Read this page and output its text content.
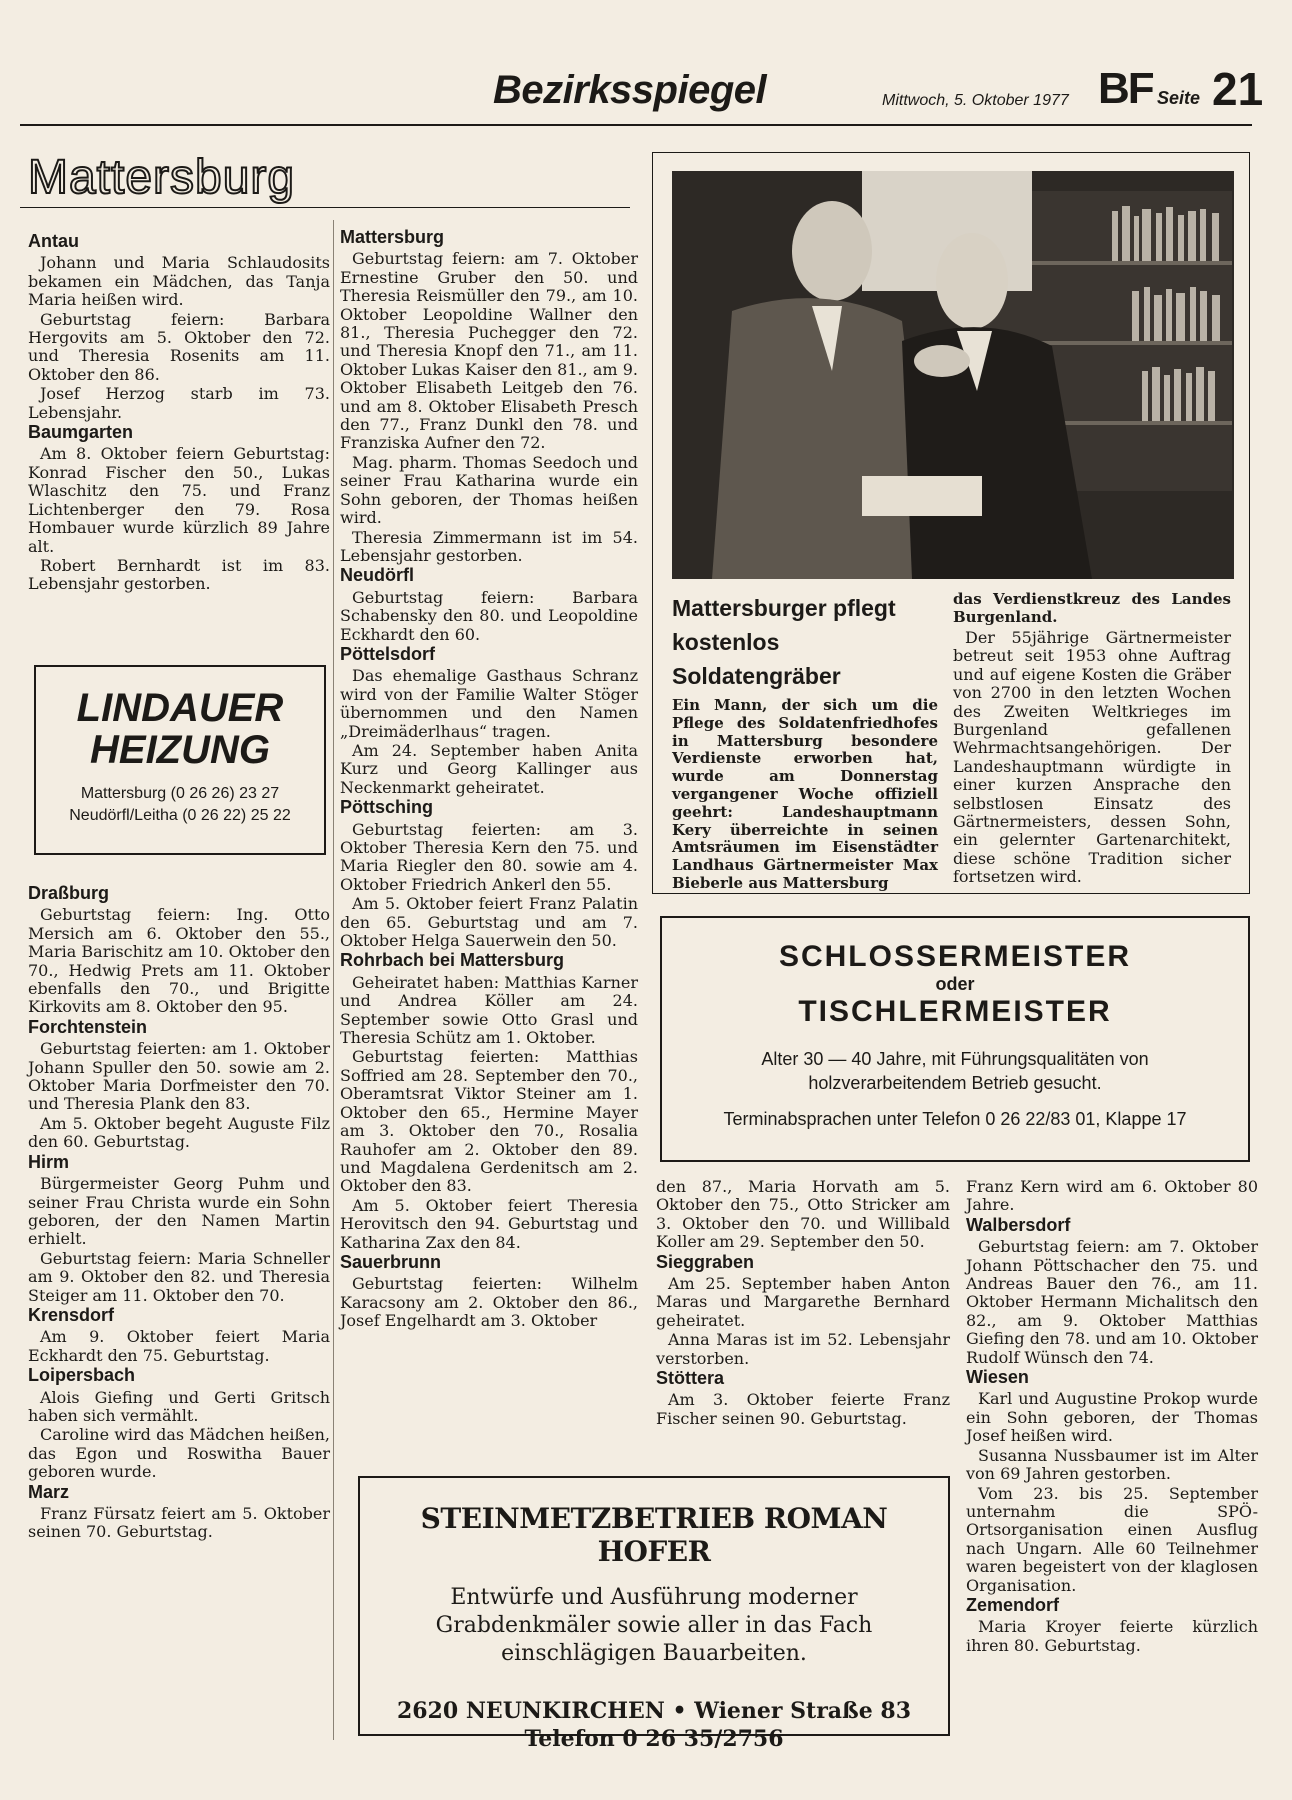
Bezirksspiegel	Mittwoch, 5. Oktober 1977 BF Seite 21
Mattersburg
Antau

Johann und Maria Schlaudosits bekamen ein Mädchen, das Tanja Maria heißen wird.

Geburtstag feiern: Barbara Hergovits am 5. Oktober den 72. und Theresia Rosenits am 11. Oktober den 86.

Josef Herzog starb im 73. Lebensjahr.

Baumgarten

Am 8. Oktober feiern Geburtstag: Konrad Fischer den 50., Lukas Wlaschitz den 75. und Franz Lichtenberger den 79. Rosa Hombauer wurde kürzlich 89 Jahre alt.

Robert Bernhardt ist im 83. Lebensjahr gestorben.

LINDAUER
HEIZUNG
Mattersburg (0 26 26) 23 27
Neudörfl/Leitha (0 26 22) 25 22
Draßburg

Geburtstag feiern: Ing. Otto Mersich am 6. Oktober den 55., Maria Barischitz am 10. Oktober den 70., Hedwig Prets am 11. Oktober ebenfalls den 70., und Brigitte Kirkovits am 8. Oktober den 95.

Forchtenstein

Geburtstag feierten: am 1. Oktober Johann Spuller den 50. sowie am 2. Oktober Maria Dorfmeister den 70. und Theresia Plank den 83.

Am 5. Oktober begeht Auguste Filz den 60. Geburtstag.

Hirm

Bürgermeister Georg Puhm und seiner Frau Christa wurde ein Sohn geboren, der den Namen Martin erhielt.

Geburtstag feiern: Maria Schneller am 9. Oktober den 82. und Theresia Steiger am 11. Oktober den 70.

Krensdorf

Am 9. Oktober feiert Maria Eckhardt den 75. Geburtstag.

Loipersbach

Alois Giefing und Gerti Gritsch haben sich vermählt.

Caroline wird das Mädchen heißen, das Egon und Roswitha Bauer geboren wurde.

Marz

Franz Fürsatz feiert am 5. Oktober seinen 70. Geburtstag.

Mattersburg

Geburtstag feiern: am 7. Oktober Ernestine Gruber den 50. und Theresia Reismüller den 79., am 10. Oktober Leopoldine Wallner den 81., Theresia Puchegger den 72. und Theresia Knopf den 71., am 11. Oktober Lukas Kaiser den 81., am 9. Oktober Elisabeth Leitgeb den 76. und am 8. Oktober Elisabeth Presch den 77., Franz Dunkl den 78. und Franziska Aufner den 72.

Mag. pharm. Thomas Seedoch und seiner Frau Katharina wurde ein Sohn geboren, der Thomas heißen wird.

Theresia Zimmermann ist im 54. Lebensjahr gestorben.

Neudörfl

Geburtstag feiern: Barbara Schabensky den 80. und Leopoldine Eckhardt den 60.

Pöttelsdorf

Das ehemalige Gasthaus Schranz wird von der Familie Walter Stöger übernommen und den Namen „Dreimäderlhaus“ tragen.

Am 24. September haben Anita Kurz und Georg Kallinger aus Neckenmarkt geheiratet.

Pöttsching

Geburtstag feierten: am 3. Oktober Theresia Kern den 75. und Maria Riegler den 80. sowie am 4. Oktober Friedrich Ankerl den 55.

Am 5. Oktober feiert Franz Palatin den 65. Geburtstag und am 7. Oktober Helga Sauerwein den 50.

Rohrbach bei Mattersburg

Geheiratet haben: Matthias Karner und Andrea Köller am 24. September sowie Otto Grasl und Theresia Schütz am 1. Oktober.

Geburtstag feierten: Matthias Soffried am 28. September den 70., Oberamtsrat Viktor Steiner am 1. Oktober den 65., Hermine Mayer am 3. Oktober den 70., Rosalia Rauhofer am 2. Oktober den 89. und Magdalena Gerdenitsch am 2. Oktober den 83.

Am 5. Oktober feiert Theresia Herovitsch den 94. Geburtstag und Katharina Zax den 84.

Sauerbrunn

Geburtstag feierten: Wilhelm Karacsony am 2. Oktober den 86., Josef Engelhardt am 3. Oktober

Mattersburger pflegt
kostenlos
Soldatengräber
Ein Mann, der sich um die Pflege des Soldatenfriedhofes in Mattersburg besondere Verdienste erworben hat, wurde am Donnerstag vergangener Woche offiziell geehrt: Landeshauptmann Kery überreichte in seinen Amtsräumen im Eisenstädter Landhaus Gärtnermeister Max Bieberle aus Mattersburg
das Verdienstkreuz des Landes Burgenland.
Der 55jährige Gärtnermeister betreut seit 1953 ohne Auftrag und auf eigene Kosten die Gräber von 2700 in den letzten Wochen des Zweiten Weltkrieges im Burgenland gefallenen Wehrmachtsangehörigen. Der Landeshauptmann würdigte in einer kurzen Ansprache den selbstlosen Einsatz des Gärtnermeisters, dessen Sohn, ein gelernter Gartenarchitekt, diese schöne Tradition sicher fortsetzen wird.
SCHLOSSERMEISTER
oder
TISCHLERMEISTER
Alter 30 — 40 Jahre, mit Führungsqualitäten von holzverarbeitendem Betrieb gesucht.
Terminabsprachen unter Telefon 0 26 22/83 01, Klappe 17

den 87., Maria Horvath am 5. Oktober den 75., Otto Stricker am 3. Oktober den 70. und Willibald Koller am 29. September den 50.

Sieggraben

Am 25. September haben Anton Maras und Margarethe Bernhard geheiratet.

Anna Maras ist im 52. Lebensjahr verstorben.

Stöttera

Am 3. Oktober feierte Franz Fischer seinen 90. Geburtstag.

Franz Kern wird am 6. Oktober 80 Jahre.

Walbersdorf

Geburtstag feiern: am 7. Oktober Johann Pöttschacher den 75. und Andreas Bauer den 76., am 11. Oktober Hermann Michalitsch den 82., am 9. Oktober Matthias Giefing den 78. und am 10. Oktober Rudolf Wünsch den 74.

Wiesen

Karl und Augustine Prokop wurde ein Sohn geboren, der Thomas Josef heißen wird.

Susanna Nussbaumer ist im Alter von 69 Jahren gestorben.

Vom 23. bis 25. September unternahm die SPÖ-Ortsorganisation einen Ausflug nach Ungarn. Alle 60 Teilnehmer waren begeistert von der klaglosen Organisation.

Zemendorf

Maria Kroyer feierte kürzlich ihren 80. Geburtstag.

STEINMETZBETRIEB ROMAN HOFER
Entwürfe und Ausführung moderner Grabdenkmäler sowie aller in das Fach einschlägigen Bauarbeiten.
2620 NEUNKIRCHEN • Wiener Straße 83
Telefon 0 26 35/2756
